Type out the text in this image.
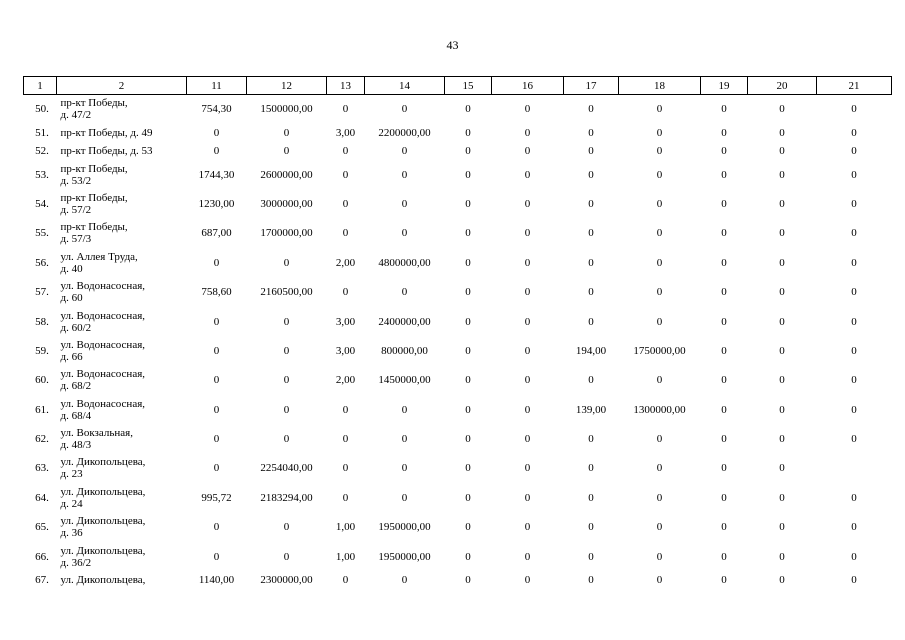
43
1	2	11	12	13	14	15	16	17	18	19	20	21
50.	пр-кт Победы,
д. 47/2	754,30	1500000,00	0	0	0	0	0	0	0	0	0
51.	пр-кт Победы, д. 49	0	0	3,00	2200000,00	0	0	0	0	0	0	0
52.	пр-кт Победы, д. 53	0	0	0	0	0	0	0	0	0	0	0
53.	пр-кт Победы,
д. 53/2	1744,30	2600000,00	0	0	0	0	0	0	0	0	0
54.	пр-кт Победы,
д. 57/2	1230,00	3000000,00	0	0	0	0	0	0	0	0	0
55.	пр-кт Победы,
д. 57/3	687,00	1700000,00	0	0	0	0	0	0	0	0	0
56.	ул. Аллея Труда,
д. 40	0	0	2,00	4800000,00	0	0	0	0	0	0	0
57.	ул. Водонасосная,
д. 60	758,60	2160500,00	0	0	0	0	0	0	0	0	0
58.	ул. Водонасосная,
д. 60/2	0	0	3,00	2400000,00	0	0	0	0	0	0	0
59.	ул. Водонасосная,
д. 66	0	0	3,00	800000,00	0	0	194,00	1750000,00	0	0	0
60.	ул. Водонасосная,
д. 68/2	0	0	2,00	1450000,00	0	0	0	0	0	0	0
61.	ул. Водонасосная,
д. 68/4	0	0	0	0	0	0	139,00	1300000,00	0	0	0
62.	ул. Вокзальная,
д. 48/3	0	0	0	0	0	0	0	0	0	0	0
63.	ул. Дикопольцева,
д. 23	0	2254040,00	0	0	0	0	0	0	0	0	
64.	ул. Дикопольцева,
д. 24	995,72	2183294,00	0	0	0	0	0	0	0	0	0
65.	ул. Дикопольцева,
д. 36	0	0	1,00	1950000,00	0	0	0	0	0	0	0
66.	ул. Дикопольцева,
д. 36/2	0	0	1,00	1950000,00	0	0	0	0	0	0	0
67.	ул. Дикопольцева,	1140,00	2300000,00	0	0	0	0	0	0	0	0	0
